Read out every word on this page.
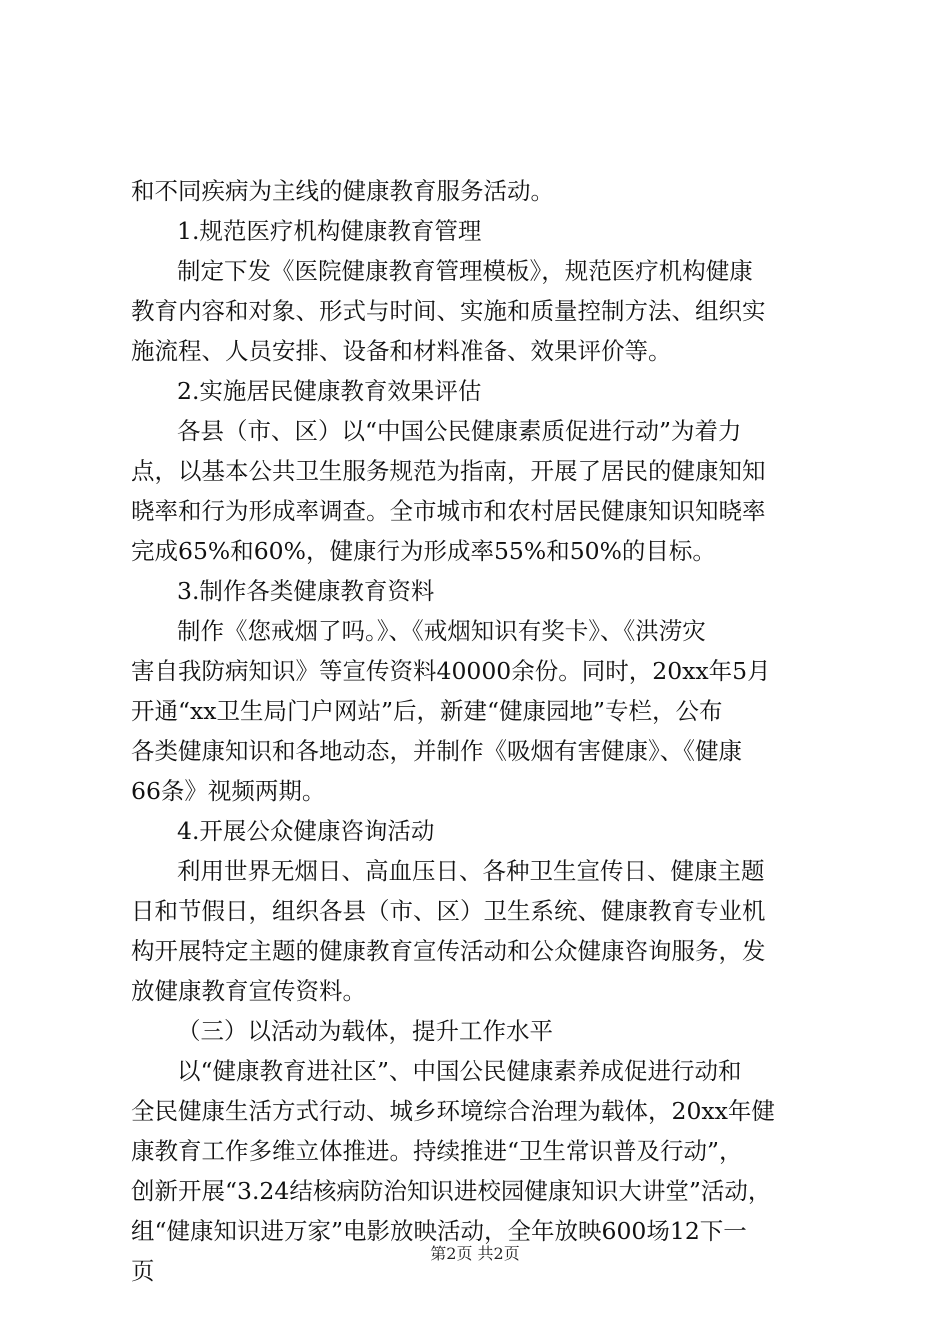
和不同疾病为主线的健康教育服务活动。
1.规范医疗机构健康教育管理
制定下发《医院健康教育管理模板》，规范医疗机构健康
教育内容和对象、形式与时间、实施和质量控制方法、组织实
施流程、人员安排、设备和材料准备、效果评价等。
2.实施居民健康教育效果评估
各县（市、区）以“中国公民健康素质促进行动”为着力
点，以基本公共卫生服务规范为指南，开展了居民的健康知知
晓率和行为形成率调查。全市城市和农村居民健康知识知晓率
完成65%和60%，健康行为形成率55%和50%的目标。
3.制作各类健康教育资料
制作《您戒烟了吗。》、《戒烟知识有奖卡》、《洪涝灾
害自我防病知识》等宣传资料40000余份。同时，20xx年5月
开通“xx卫生局门户网站”后，新建“健康园地”专栏，公布
各类健康知识和各地动态，并制作《吸烟有害健康》、《健康
66条》视频两期。
4.开展公众健康咨询活动
利用世界无烟日、高血压日、各种卫生宣传日、健康主题
日和节假日，组织各县（市、区）卫生系统、健康教育专业机
构开展特定主题的健康教育宣传活动和公众健康咨询服务，发
放健康教育宣传资料。
（三）以活动为载体，提升工作水平
以“健康教育进社区”、中国公民健康素养成促进行动和
全民健康生活方式行动、城乡环境综合治理为载体，20xx年健
康教育工作多维立体推进。持续推进“卫生常识普及行动”，
创新开展“3.24结核病防治知识进校园健康知识大讲堂”活动，
组“健康知识进万家”电影放映活动，全年放映600场12下一
页
第2页 共2页
